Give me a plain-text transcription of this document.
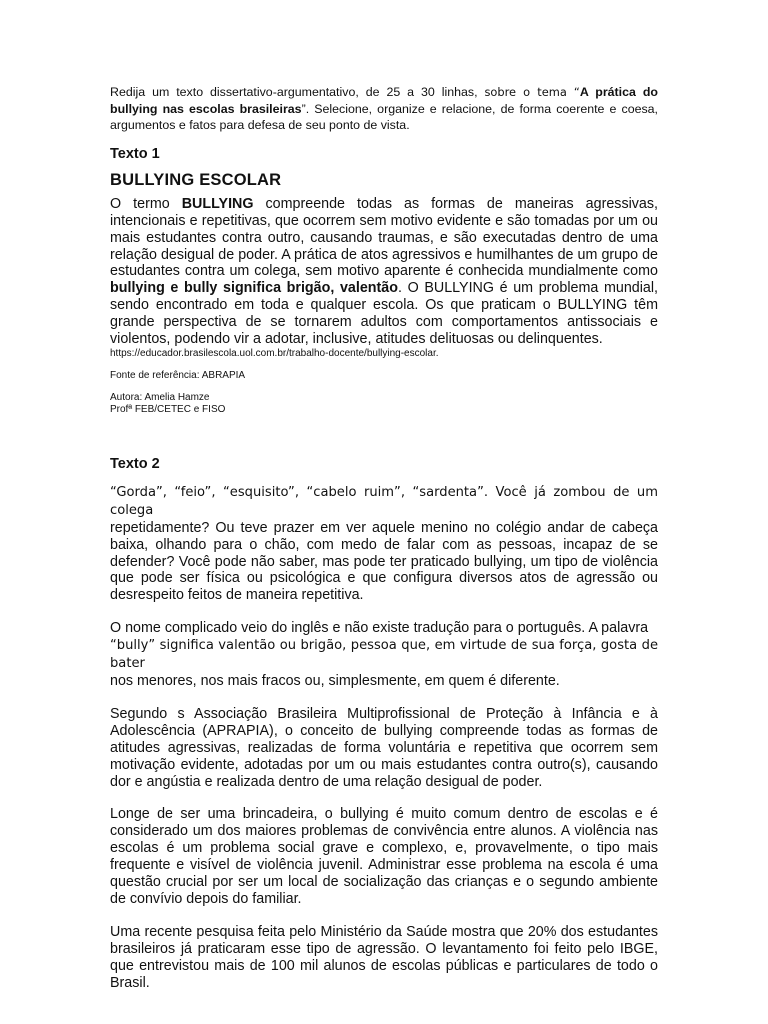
Redija um texto dissertativo-argumentativo, de 25 a 30 linhas, sobre o tema “A prática do bullying nas escolas brasileiras”. Selecione, organize e relacione, de forma coerente e coesa, argumentos e fatos para defesa de seu ponto de vista.

Texto 1

BULLYING ESCOLAR

O termo BULLYING compreende todas as formas de maneiras agressivas, intencionais e repetitivas, que ocorrem sem motivo evidente e são tomadas por um ou mais estudantes contra outro, causando traumas, e são executadas dentro de uma relação desigual de poder. A prática de atos agressivos e humilhantes de um grupo de estudantes contra um colega, sem motivo aparente é conhecida mundialmente como bullying e bully significa brigão, valentão. O BULLYING é um problema mundial, sendo encontrado em toda e qualquer escola. Os que praticam o BULLYING têm grande perspectiva de se tornarem adultos com comportamentos antissociais e violentos, podendo vir a adotar, inclusive, atitudes delituosas ou delinquentes.

https://educador.brasilescola.uol.com.br/trabalho-docente/bullying-escolar.

Fonte de referência: ABRAPIA

Autora: Amelia Hamze

Profª FEB/CETEC e FISO

Texto 2

“Gorda”, “feio”, “esquisito”, “cabelo ruim”, “sardenta”. Você já zombou de um colega
repetidamente? Ou teve prazer em ver aquele menino no colégio andar de cabeça baixa, olhando para o chão, com medo de falar com as pessoas, incapaz de se defender? Você pode não saber, mas pode ter praticado bullying, um tipo de violência que pode ser física ou psicológica e que configura diversos atos de agressão ou desrespeito feitos de maneira repetitiva.

O nome complicado veio do inglês e não existe tradução para o português. A palavra
“bully” significa valentão ou brigão, pessoa que, em virtude de sua força, gosta de bater
nos menores, nos mais fracos ou, simplesmente, em quem é diferente.

Segundo s Associação Brasileira Multiprofissional de Proteção à Infância e à Adolescência (APRAPIA), o conceito de bullying compreende todas as formas de atitudes agressivas, realizadas de forma voluntária e repetitiva que ocorrem sem motivação evidente, adotadas por um ou mais estudantes contra outro(s), causando dor e angústia e realizada dentro de uma relação desigual de poder.

Longe de ser uma brincadeira, o bullying é muito comum dentro de escolas e é considerado um dos maiores problemas de convivência entre alunos. A violência nas escolas é um problema social grave e complexo, e, provavelmente, o tipo mais frequente e visível de violência juvenil. Administrar esse problema na escola é uma questão crucial por ser um local de socialização das crianças e o segundo ambiente de convívio depois do familiar.

Uma recente pesquisa feita pelo Ministério da Saúde mostra que 20% dos estudantes brasileiros já praticaram esse tipo de agressão. O levantamento foi feito pelo IBGE, que entrevistou mais de 100 mil alunos de escolas públicas e particulares de todo o Brasil.
